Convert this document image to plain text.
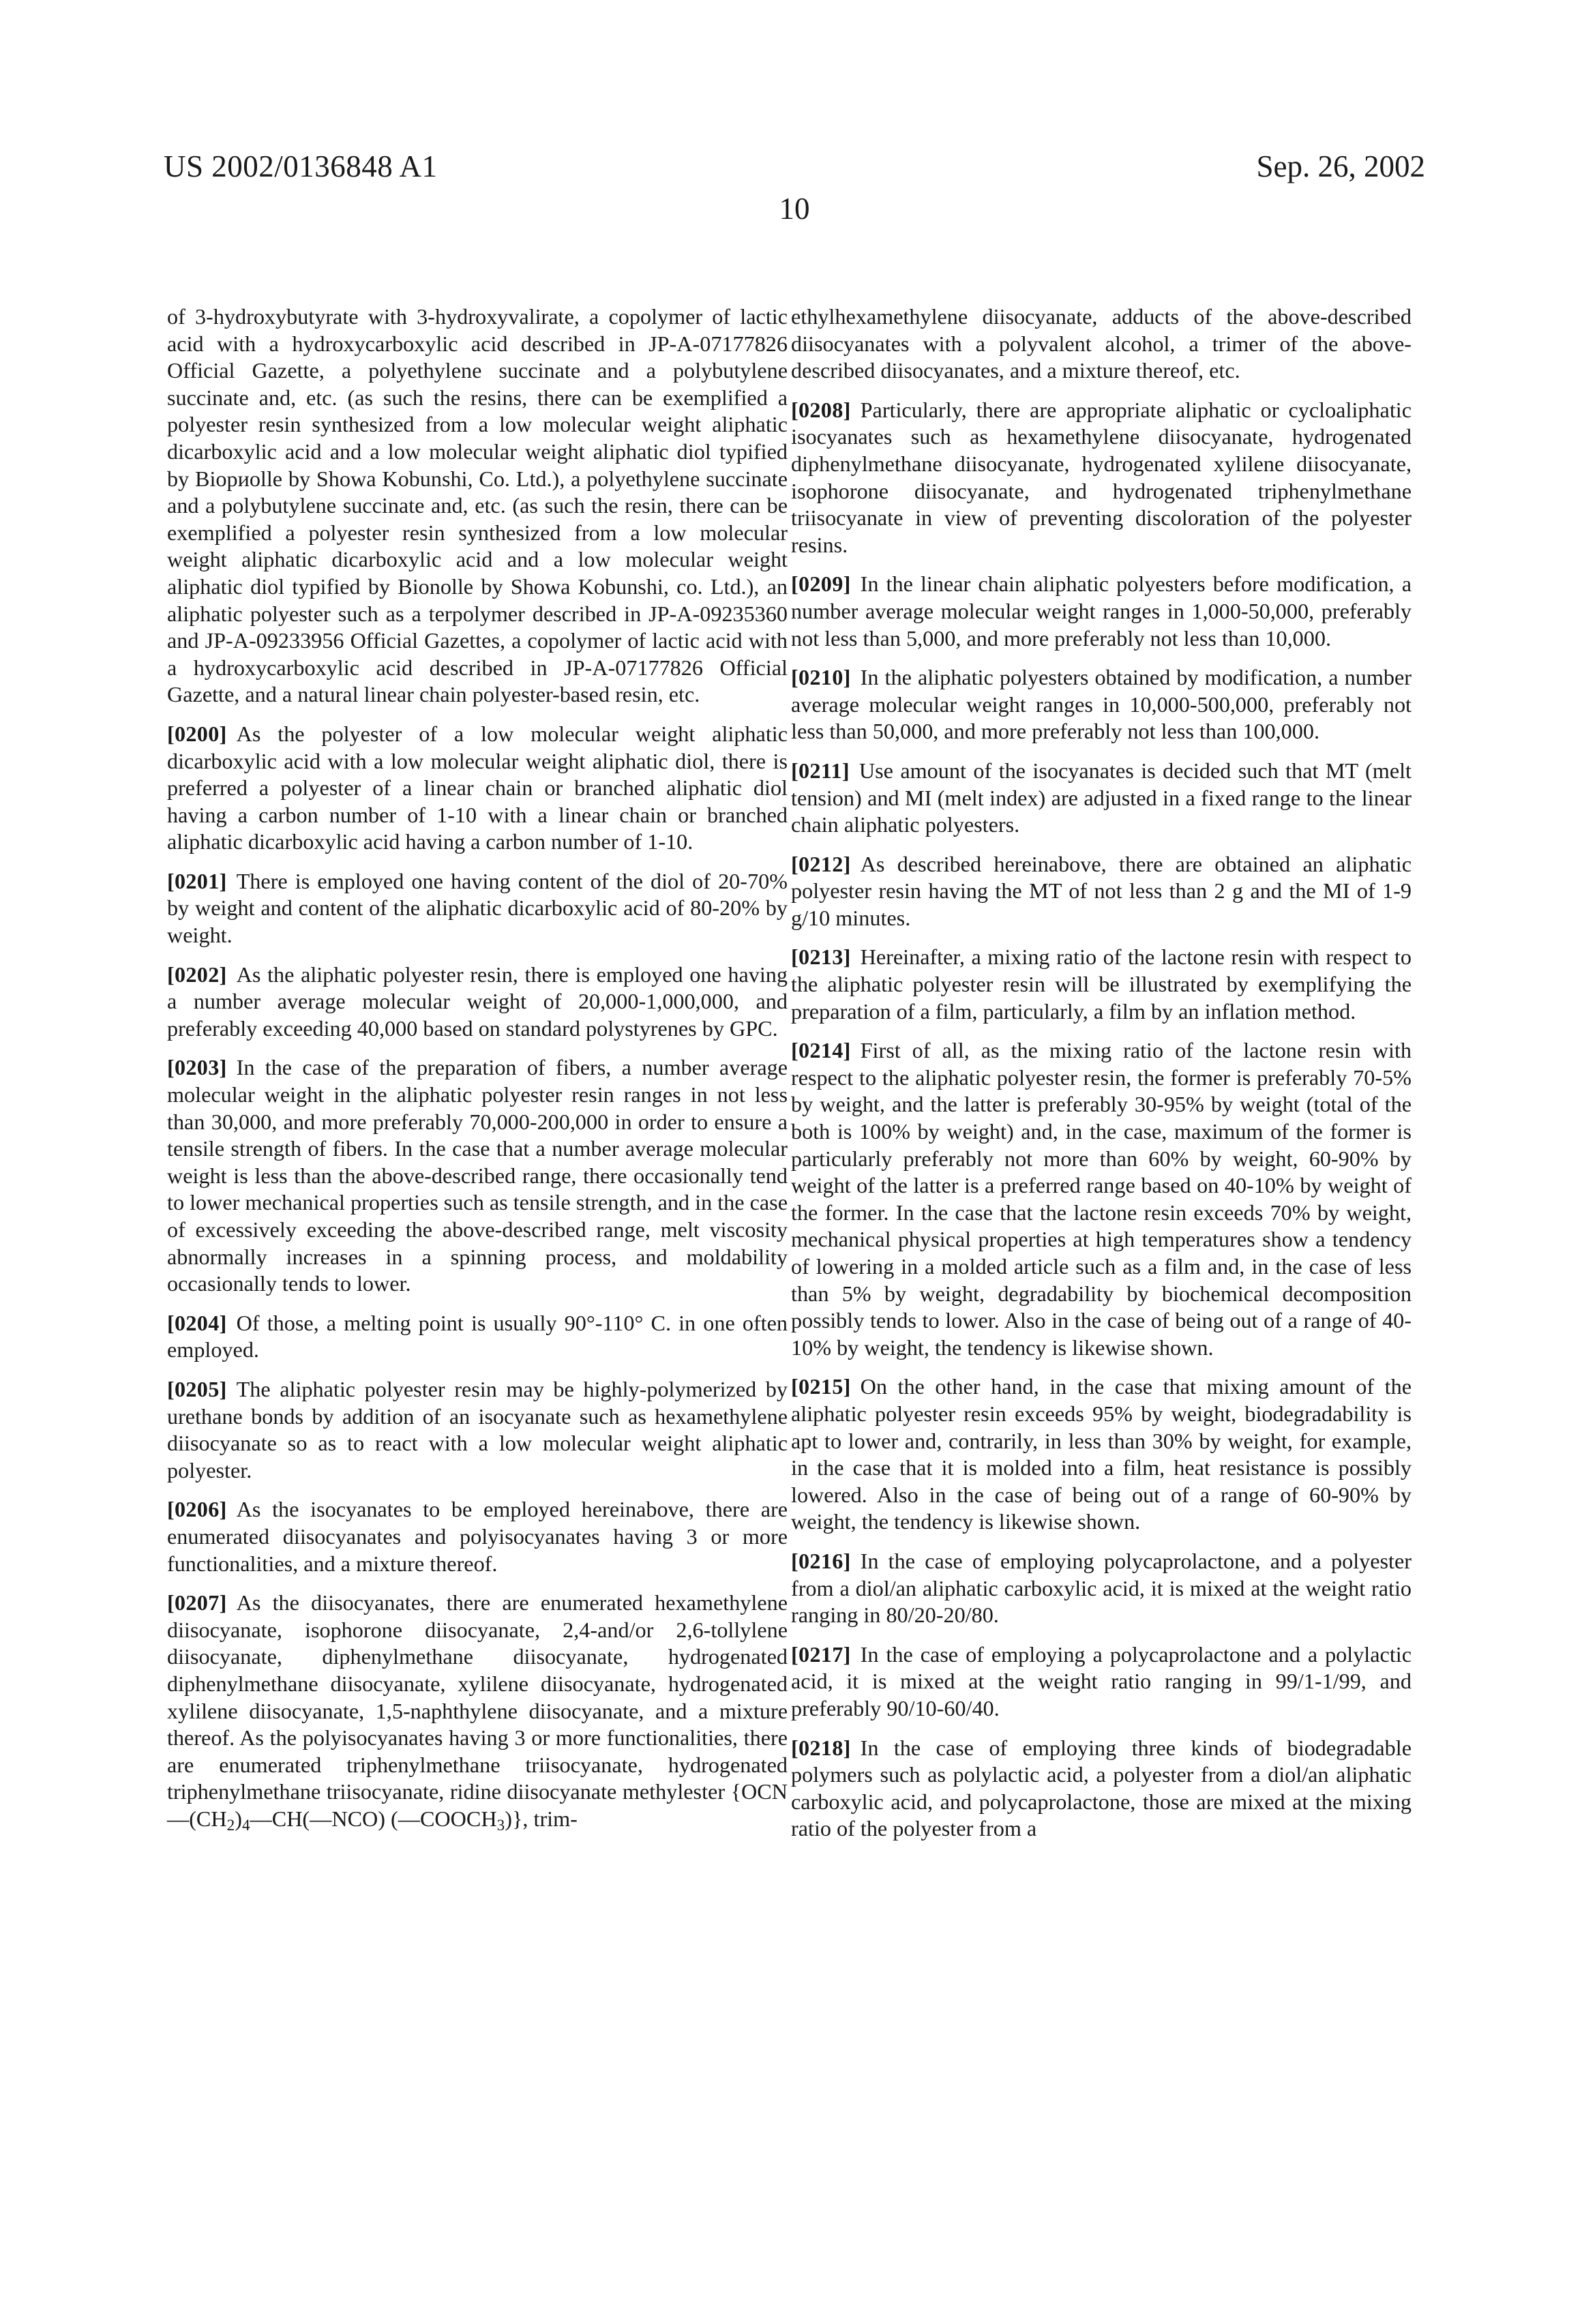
US 2002/0136848 A1	Sep. 26, 2002
10

of 3-hydroxybutyrate with 3-hydroxyvalirate, a copolymer of lactic acid with a hydroxycarboxylic acid described in JP-A-07177826 Official Gazette, a polyethylene succinate and a polybutylene succinate and, etc. (as such the resins, there can be exemplified a polyester resin synthesized from a low molecular weight aliphatic dicarboxylic acid and a low molecular weight aliphatic diol typified by Biориolle by Showa Kobunshi, Co. Ltd.), a polyethylene succinate and a polybutylene succinate and, etc. (as such the resin, there can be exemplified a polyester resin synthesized from a low molecular weight aliphatic dicarboxylic acid and a low molecular weight aliphatic diol typified by Bionolle by Showa Kobunshi, co. Ltd.), an aliphatic polyester such as a terpolymer described in JP-A-09235360 and JP-A-09233956 Official Gazettes, a copolymer of lactic acid with a hydroxycarboxylic acid described in JP-A-07177826 Official Gazette, and a natural linear chain polyester-based resin, etc.

[0200] As the polyester of a low molecular weight aliphatic dicarboxylic acid with a low molecular weight aliphatic diol, there is preferred a polyester of a linear chain or branched aliphatic diol having a carbon number of 1-10 with a linear chain or branched aliphatic dicarboxylic acid having a carbon number of 1-10.

[0201] There is employed one having content of the diol of 20-70% by weight and content of the aliphatic dicarboxylic acid of 80-20% by weight.

[0202] As the aliphatic polyester resin, there is employed one having a number average molecular weight of 20,000-1,000,000, and preferably exceeding 40,000 based on standard polystyrenes by GPC.

[0203] In the case of the preparation of fibers, a number average molecular weight in the aliphatic polyester resin ranges in not less than 30,000, and more preferably 70,000-200,000 in order to ensure a tensile strength of fibers. In the case that a number average molecular weight is less than the above-described range, there occasionally tend to lower mechanical properties such as tensile strength, and in the case of excessively exceeding the above-described range, melt viscosity abnormally increases in a spinning process, and moldability occasionally tends to lower.

[0204] Of those, a melting point is usually 90°-110° C. in one often employed.

[0205] The aliphatic polyester resin may be highly-polymerized by urethane bonds by addition of an isocyanate such as hexamethylene diisocyanate so as to react with a low molecular weight aliphatic polyester.

[0206] As the isocyanates to be employed hereinabove, there are enumerated diisocyanates and polyisocyanates having 3 or more functionalities, and a mixture thereof.

[0207] As the diisocyanates, there are enumerated hexamethylene diisocyanate, isophorone diisocyanate, 2,4-and/or 2,6-tollylene diisocyanate, diphenylmethane diisocyanate, hydrogenated diphenylmethane diisocyanate, xylilene diisocyanate, hydrogenated xylilene diisocyanate, 1,5-naphthylene diisocyanate, and a mixture thereof. As the polyisocyanates having 3 or more functionalities, there are enumerated triphenylmethane triisocyanate, hydrogenated triphenylmethane triisocyanate, ridine diisocyanate methylester {OCN—(CH2)4—CH(—NCO) (—COOCH3)}, trim-

ethylhexamethylene diisocyanate, adducts of the above-described diisocyanates with a polyvalent alcohol, a trimer of the above-described diisocyanates, and a mixture thereof, etc.

[0208] Particularly, there are appropriate aliphatic or cycloaliphatic isocyanates such as hexamethylene diisocyanate, hydrogenated diphenylmethane diisocyanate, hydrogenated xylilene diisocyanate, isophorone diisocyanate, and hydrogenated triphenylmethane triisocyanate in view of preventing discoloration of the polyester resins.

[0209] In the linear chain aliphatic polyesters before modification, a number average molecular weight ranges in 1,000-50,000, preferably not less than 5,000, and more preferably not less than 10,000.

[0210] In the aliphatic polyesters obtained by modification, a number average molecular weight ranges in 10,000-500,000, preferably not less than 50,000, and more preferably not less than 100,000.

[0211] Use amount of the isocyanates is decided such that MT (melt tension) and MI (melt index) are adjusted in a fixed range to the linear chain aliphatic polyesters.

[0212] As described hereinabove, there are obtained an aliphatic polyester resin having the MT of not less than 2 g and the MI of 1-9 g/10 minutes.

[0213] Hereinafter, a mixing ratio of the lactone resin with respect to the aliphatic polyester resin will be illustrated by exemplifying the preparation of a film, particularly, a film by an inflation method.

[0214] First of all, as the mixing ratio of the lactone resin with respect to the aliphatic polyester resin, the former is preferably 70-5% by weight, and the latter is preferably 30-95% by weight (total of the both is 100% by weight) and, in the case, maximum of the former is particularly preferably not more than 60% by weight, 60-90% by weight of the latter is a preferred range based on 40-10% by weight of the former. In the case that the lactone resin exceeds 70% by weight, mechanical physical properties at high temperatures show a tendency of lowering in a molded article such as a film and, in the case of less than 5% by weight, degradability by biochemical decomposition possibly tends to lower. Also in the case of being out of a range of 40-10% by weight, the tendency is likewise shown.

[0215] On the other hand, in the case that mixing amount of the aliphatic polyester resin exceeds 95% by weight, biodegradability is apt to lower and, contrarily, in less than 30% by weight, for example, in the case that it is molded into a film, heat resistance is possibly lowered. Also in the case of being out of a range of 60-90% by weight, the tendency is likewise shown.

[0216] In the case of employing polycaprolactone, and a polyester from a diol/an aliphatic carboxylic acid, it is mixed at the weight ratio ranging in 80/20-20/80.

[0217] In the case of employing a polycaprolactone and a polylactic acid, it is mixed at the weight ratio ranging in 99/1-1/99, and preferably 90/10-60/40.

[0218] In the case of employing three kinds of biodegradable polymers such as polylactic acid, a polyester from a diol/an aliphatic carboxylic acid, and polycaprolactone, those are mixed at the mixing ratio of the polyester from a
